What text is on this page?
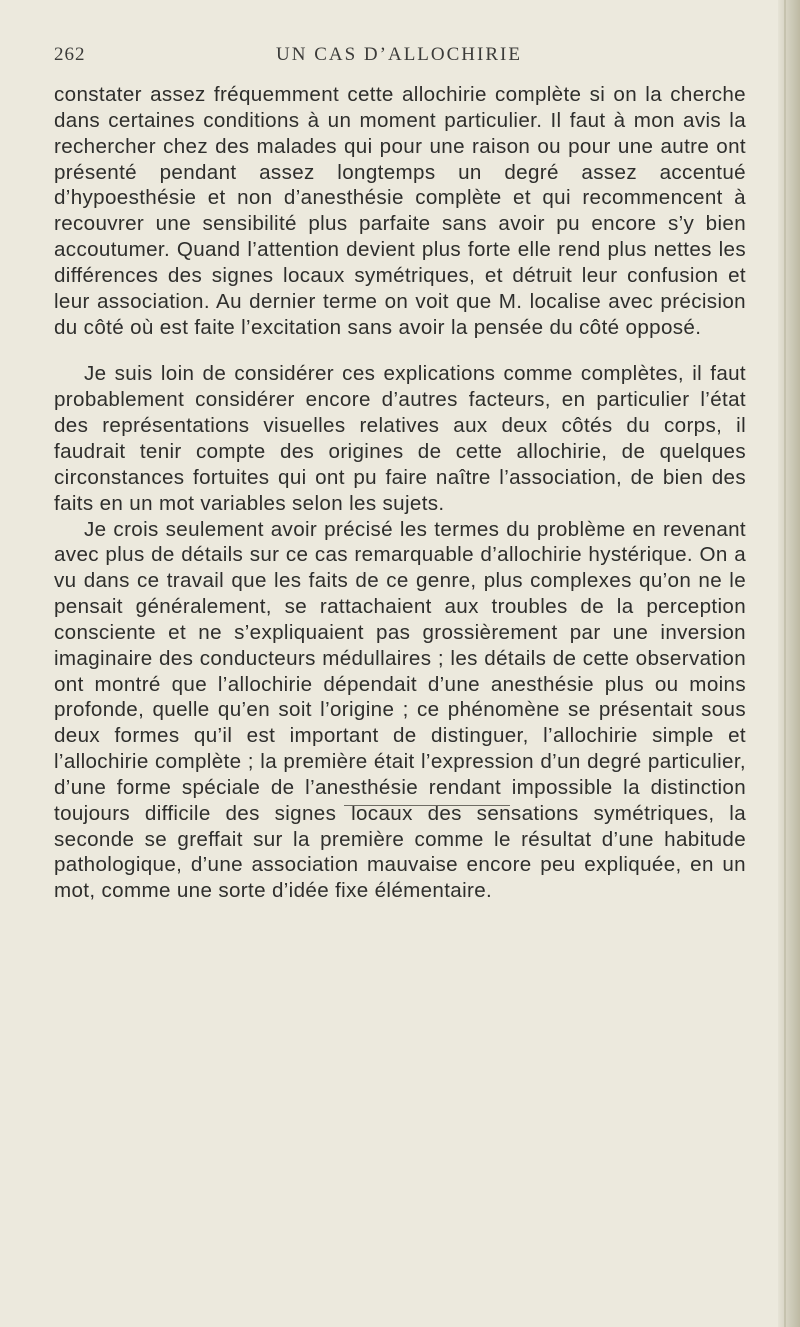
262	UN CAS D’ALLOCHIRIE

constater assez fréquemment cette allochirie complète si on la cherche dans certaines conditions à un moment particulier. Il faut à mon avis la rechercher chez des malades qui pour une raison ou pour une autre ont présenté pendant assez longtemps un degré assez accentué d’hypoesthésie et non d’anesthésie complète et qui recommencent à recouvrer une sensibilité plus parfaite sans avoir pu encore s’y bien accoutumer. Quand l’attention devient plus forte elle rend plus nettes les différences des signes locaux symétriques, et détruit leur confusion et leur association. Au dernier terme on voit que M. localise avec précision du côté où est faite l’excitation sans avoir la pensée du côté opposé.

Je suis loin de considérer ces explications comme complètes, il faut probablement considérer encore d’autres facteurs, en particulier l’état des représentations visuelles relatives aux deux côtés du corps, il faudrait tenir compte des origines de cette allochirie, de quelques circonstances fortuites qui ont pu faire naître l’association, de bien des faits en un mot variables selon les sujets.

Je crois seulement avoir précisé les termes du problème en revenant avec plus de détails sur ce cas remarquable d’allochirie hystérique. On a vu dans ce travail que les faits de ce genre, plus complexes qu’on ne le pensait généralement, se rattachaient aux troubles de la perception consciente et ne s’expliquaient pas grossièrement par une inversion imaginaire des conducteurs médullaires ; les détails de cette observation ont montré que l’allochirie dépendait d’une anesthésie plus ou moins profonde, quelle qu’en soit l’origine ; ce phénomène se présentait sous deux formes qu’il est important de distinguer, l’allochirie simple et l’allochirie complète ; la première était l’expression d’un degré particulier, d’une forme spéciale de l’anesthésie rendant impossible la distinction toujours difficile des signes locaux des sensations symétriques, la seconde se greffait sur la première comme le résultat d’une habitude pathologique, d’une association mauvaise encore peu expliquée, en un mot, comme une sorte d’idée fixe élémentaire.
